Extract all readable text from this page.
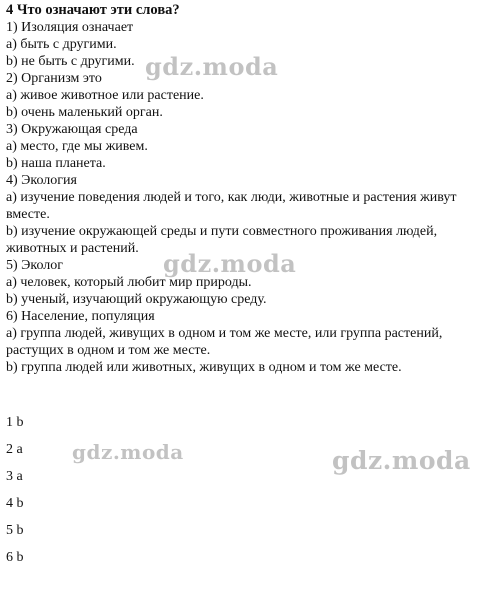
4 Что означают эти слова?

1) Изоляция означает

а) быть с другими.

b) не быть с другими.

2) Организм это

а) живое животное или растение.

b) очень маленький орган.

3) Окружающая среда

а) место, где мы живем.

b) наша планета.

4) Экология

а) изучение поведения людей и того, как люди, животные и растения живут вместе.

b) изучение окружающей среды и пути совместного проживания людей, животных и растений.

5) Эколог

а) человек, который любит мир природы.

b) ученый, изучающий окружающую среду.

6) Население, популяция

а) группа людей, живущих в одном и том же месте, или группа растений, растущих в одном и том же месте.

b) группа людей или животных, живущих в одном и том же месте.

1 b

2 a

3 a

4 b

5 b

6 b

gdz.moda
gdz.moda
gdz.moda	gdz.moda
